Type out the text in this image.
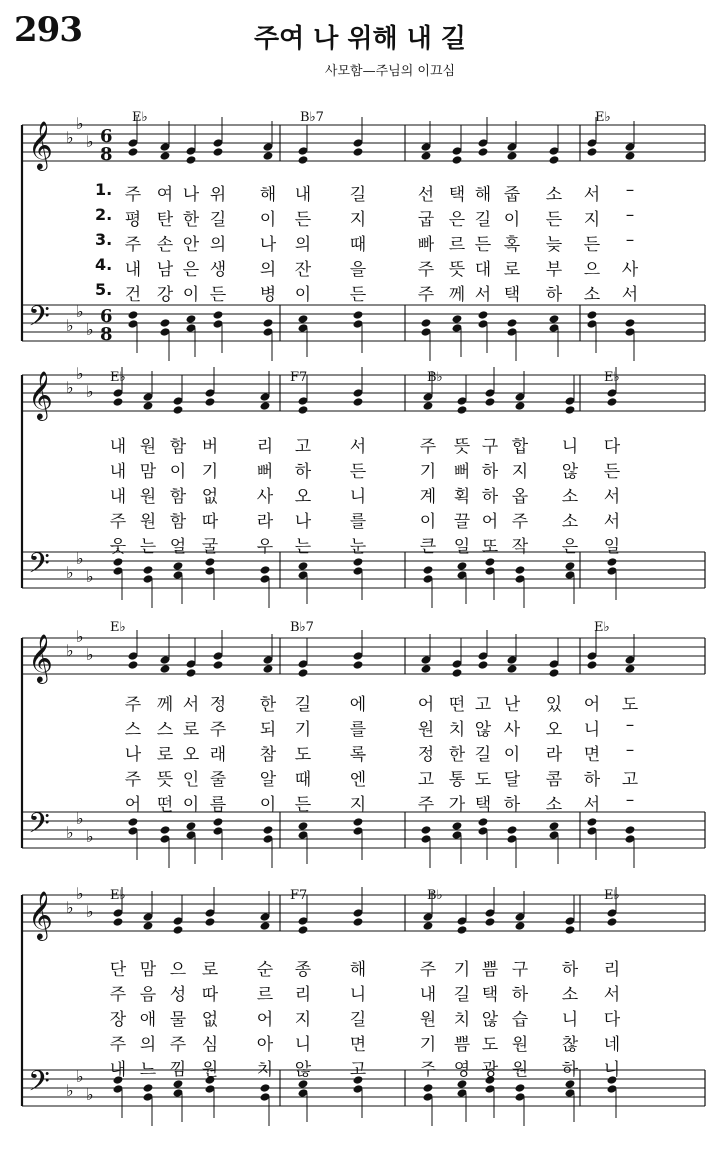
293	주여 나 위해 내 길
사모함—주님의 이끄심
𝄞 ♭
♭
♭ 6
8
𝄢 ♭
♭
♭
6
8
𝄞 ♭
♭
♭
𝄢 ♭
♭
♭
𝄞 ♭
♭
♭
𝄢 ♭
♭
♭
𝄞 ♭
♭
♭
𝄢 ♭
♭
♭
E♭	B♭7	E♭
1.
2.
3.
4.
5.
주 여 나 위 해 내 길	선 택 해 줍 소 서 –
평 탄 한 길 이 든 지	굽 은 길 이 든 지 –
주 손 안 의 나 의 때	빠 르 든 혹 늦 든 –
내 남 은 생 의 잔 을	주 뜻 대 로 부 으 사
건 강 이 든 병 이 든	주 께 서 택 하 소 서
E♭	F7	B♭	E♭
내 원 함 버 리 고 서	주 뜻 구 합 니 다
내 맘 이 기 뻐 하 든	기 뻐 하 지 않 든
내 원 함 없 사 오 니	계 획 하 옵 소 서
주 원 함 따 라 나 를	이 끌 어 주 소 서
웃 는 얼 굴 우 는 눈	큰 일 또 작 은 일
E♭	B♭7	E♭
주 께 서 정 한 길 에	어 떤 고 난 있 어 도
스 스 로 주 되 기 를	원 치 않 사 오 니 –
나 로 오 래 참 도 록	정 한 길 이 라 면 –
주 뜻 인 줄 알 때 엔	고 통 도 달 콤 하 고
어 떤 이 름 이 든 지	주 가 택 하 소 서 –
E♭	F7	B♭	E♭
단 맘 으 로 순 종 해	주 기 쁨 구 하 리
주 음 성 따 르 리 니	내 길 택 하 소 서
장 애 물 없 어 지 길	원 치 않 습 니 다
주 의 주 심 아 니 면	기 쁨 도 원 찮 네
내 느 낌 원 치 않 고	주 영 광 원 하 니
